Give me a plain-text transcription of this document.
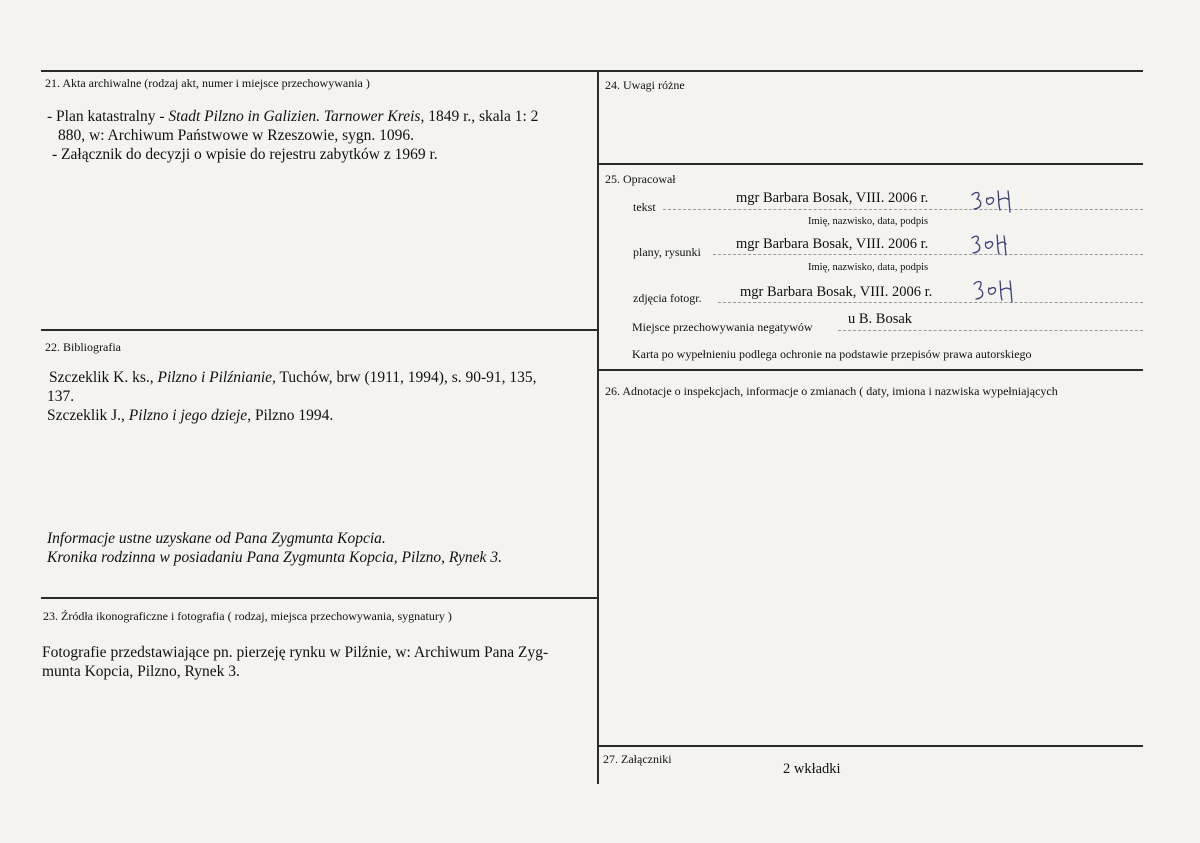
21. Akta archiwalne (rodzaj akt, numer i miejsce przechowywania )
- Plan katastralny - Stadt Pilzno in Galizien. Tarnower Kreis, 1849 r., skala 1: 2
880, w: Archiwum Państwowe w Rzeszowie, sygn. 1096.
- Załącznik do decyzji o wpisie do rejestru zabytków z 1969 r.
22. Bibliografia
Szczeklik K. ks., Pilzno i Pilźnianie, Tuchów, brw (1911, 1994), s. 90-91, 135,
137.
Szczeklik J., Pilzno i jego dzieje, Pilzno 1994.
Informacje ustne uzyskane od Pana Zygmunta Kopcia.
Kronika rodzinna w posiadaniu Pana Zygmunta Kopcia, Pilzno, Rynek 3.
23. Źródła ikonograficzne i fotografia ( rodzaj, miejsca przechowywania, sygnatury )
Fotografie przedstawiające pn. pierzeję rynku w Pilźnie, w: Archiwum Pana Zyg-
munta Kopcia, Pilzno, Rynek 3.
24. Uwagi różne
25. Opracował
tekst
mgr Barbara Bosak, VIII. 2006 r.
Imię, nazwisko, data, podpis
plany, rysunki mgr Barbara Bosak, VIII. 2006 r.
Imię, nazwisko, data, podpis
zdjęcia fotogr.	mgr Barbara Bosak, VIII. 2006 r.
Miejsce przechowywania negatywów u B. Bosak
Karta po wypełnieniu podlega ochronie na podstawie przepisów prawa autorskiego
26. Adnotacje o inspekcjach, informacje o zmianach ( daty, imiona i nazwiska wypełniających
27. Załączniki
2 wkładki
